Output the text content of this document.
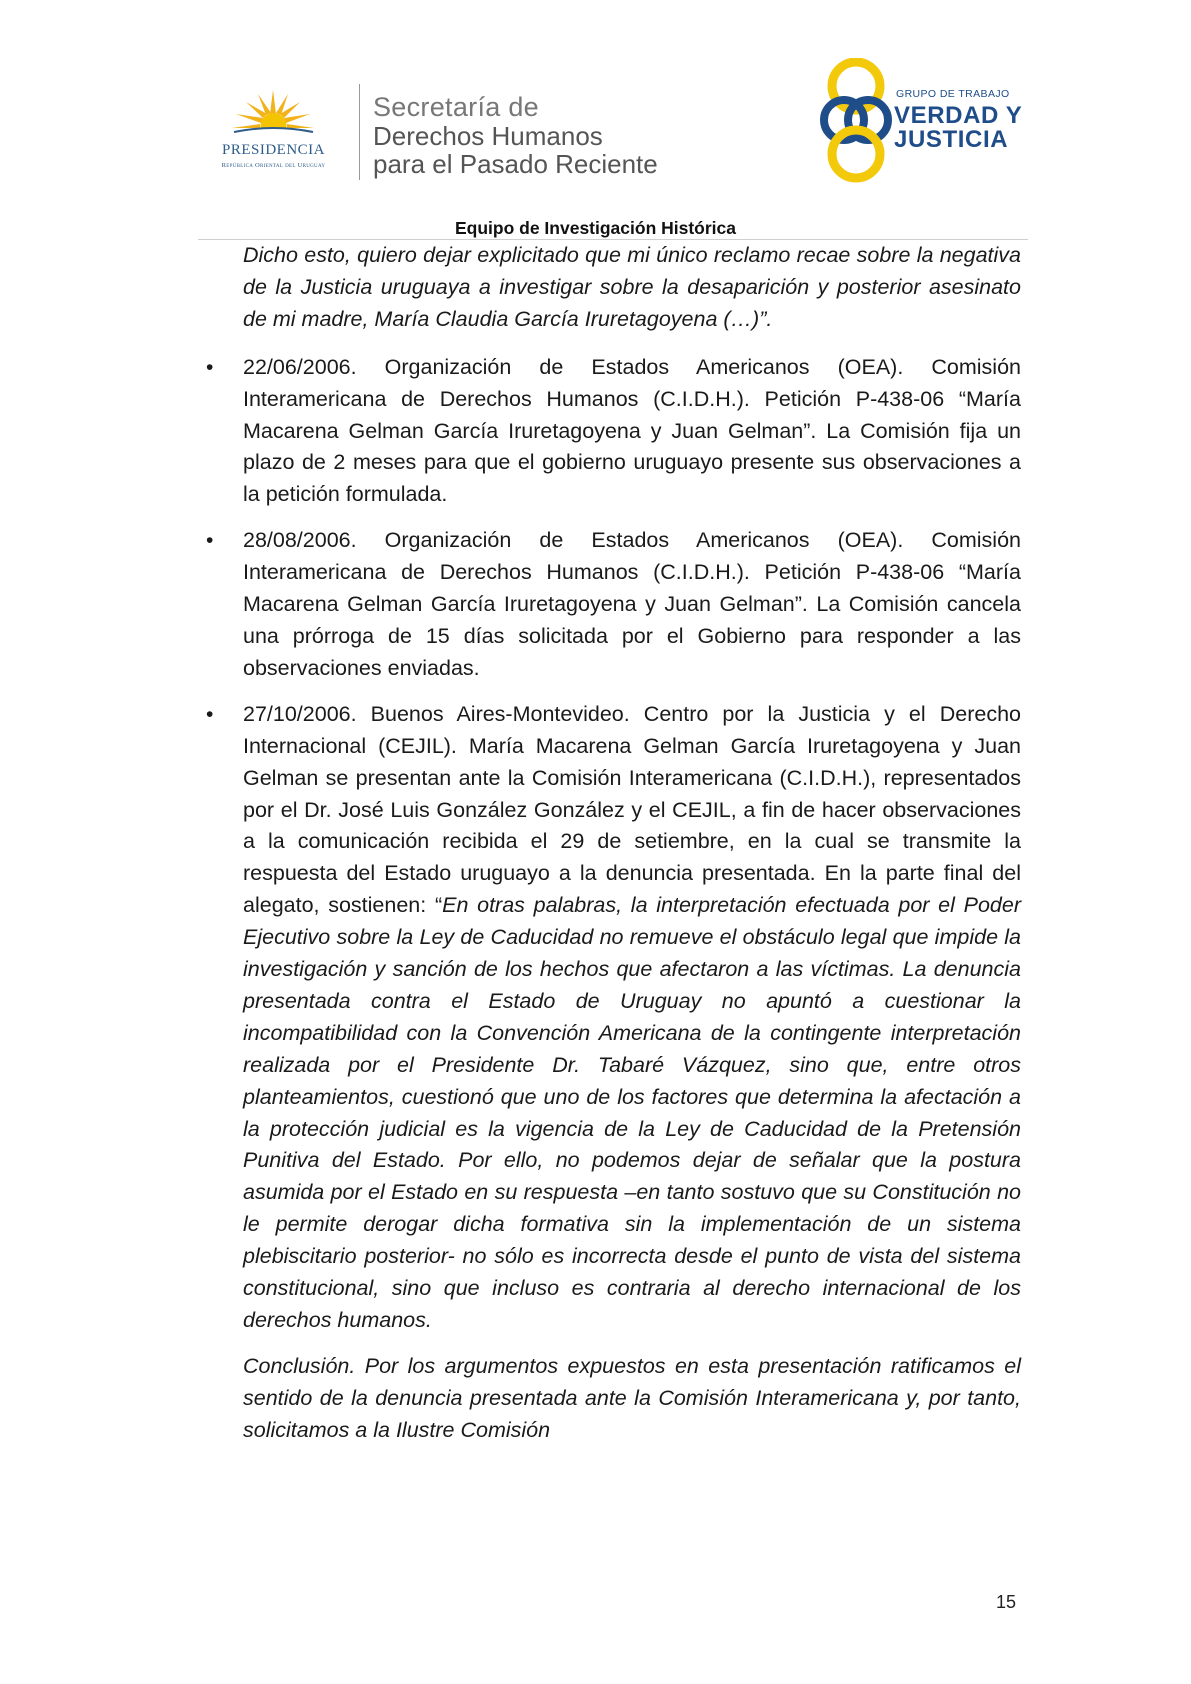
PRESIDENCIA
República Oriental del Uruguay
Secretaría de
Derechos Humanos
para el Pasado Reciente
GRUPO DE TRABAJO
VERDAD Y
JUSTICIA
Equipo de Investigación Histórica

Dicho esto, quiero dejar explicitado que mi único reclamo recae sobre la negativa de la Justicia uruguaya a investigar sobre la desaparición y posterior asesinato de mi madre, María Claudia García Iruretagoyena (…)”.

• 22/06/2006. Organización de Estados Americanos (OEA). Comisión Interamericana de Derechos Humanos (C.I.D.H.). Petición P-438-06 “María Macarena Gelman García Iruretagoyena y Juan Gelman”. La Comisión fija un plazo de 2 meses para que el gobierno uruguayo presente sus observaciones a la petición formulada.

• 28/08/2006. Organización de Estados Americanos (OEA). Comisión Interamericana de Derechos Humanos (C.I.D.H.). Petición P-438-06 “María Macarena Gelman García Iruretagoyena y Juan Gelman”. La Comisión cancela una prórroga de 15 días solicitada por el Gobierno para responder a las observaciones enviadas.

• 27/10/2006. Buenos Aires-Montevideo. Centro por la Justicia y el Derecho Internacional (CEJIL). María Macarena Gelman García Iruretagoyena y Juan Gelman se presentan ante la Comisión Interamericana (C.I.D.H.), representados por el Dr. José Luis González González y el CEJIL, a fin de hacer observaciones a la comunicación recibida el 29 de setiembre, en la cual se transmite la respuesta del Estado uruguayo a la denuncia presentada. En la parte final del alegato, sostienen: “En otras palabras, la interpretación efectuada por el Poder Ejecutivo sobre la Ley de Caducidad no remueve el obstáculo legal que impide la investigación y sanción de los hechos que afectaron a las víctimas. La denuncia presentada contra el Estado de Uruguay no apuntó a cuestionar la incompatibilidad con la Convención Americana de la contingente interpretación realizada por el Presidente Dr. Tabaré Vázquez, sino que, entre otros planteamientos, cuestionó que uno de los factores que determina la afectación a la protección judicial es la vigencia de la Ley de Caducidad de la Pretensión Punitiva del Estado. Por ello, no podemos dejar de señalar que la postura asumida por el Estado en su respuesta –en tanto sostuvo que su Constitución no le permite derogar dicha formativa sin la implementación de un sistema plebiscitario posterior- no sólo es incorrecta desde el punto de vista del sistema constitucional, sino que incluso es contraria al derecho internacional de los derechos humanos.

Conclusión. Por los argumentos expuestos en esta presentación ratificamos el sentido de la denuncia presentada ante la Comisión Interamericana y, por tanto, solicitamos a la Ilustre Comisión

15
